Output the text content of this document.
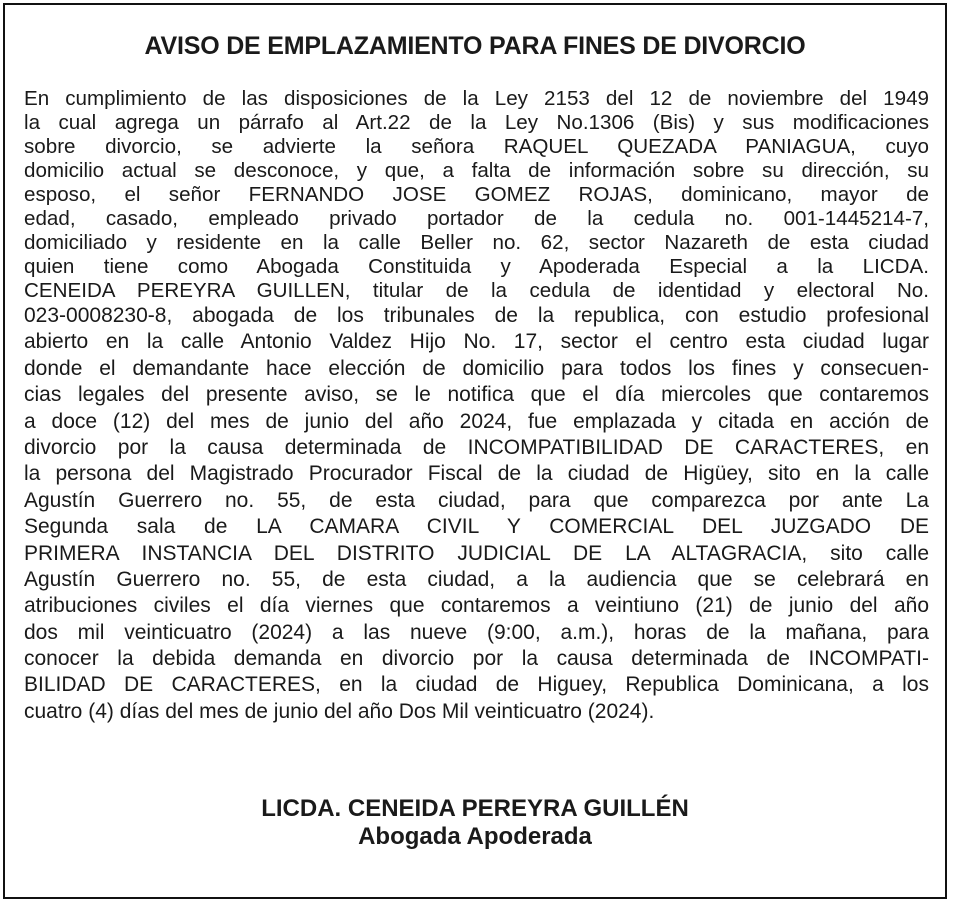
AVISO DE EMPLAZAMIENTO PARA FINES DE DIVORCIO
En cumplimiento de las disposiciones de la Ley 2153 del 12 de noviembre del 1949
la cual agrega un párrafo al Art.22 de la Ley No.1306 (Bis) y sus modificaciones
sobre divorcio, se advierte la señora RAQUEL QUEZADA PANIAGUA, cuyo
domicilio actual se desconoce, y que, a falta de información sobre su dirección, su
esposo, el señor FERNANDO JOSE GOMEZ ROJAS, dominicano, mayor de
edad, casado, empleado privado portador de la cedula no. 001-1445214-7,
domiciliado y residente en la calle Beller no. 62, sector Nazareth de esta ciudad
quien tiene como Abogada Constituida y Apoderada Especial a la LICDA.
CENEIDA PEREYRA GUILLEN, titular de la cedula de identidad y electoral No.
023-0008230-8, abogada de los tribunales de la republica, con estudio profesional
abierto en la calle Antonio Valdez Hijo No. 17, sector el centro esta ciudad lugar
donde el demandante hace elección de domicilio para todos los fines y consecuen-
cias legales del presente aviso, se le notifica que el día miercoles que contaremos
a doce (12) del mes de junio del año 2024, fue emplazada y citada en acción de
divorcio por la causa determinada de INCOMPATIBILIDAD DE CARACTERES, en
la persona del Magistrado Procurador Fiscal de la ciudad de Higüey, sito en la calle
Agustín Guerrero no. 55, de esta ciudad, para que comparezca por ante La
Segunda sala de LA CAMARA CIVIL Y COMERCIAL DEL JUZGADO DE
PRIMERA INSTANCIA DEL DISTRITO JUDICIAL DE LA ALTAGRACIA, sito calle
Agustín Guerrero no. 55, de esta ciudad, a la audiencia que se celebrará en
atribuciones civiles el día viernes que contaremos a veintiuno (21) de junio del año
dos mil veinticuatro (2024) a las nueve (9:00, a.m.), horas de la mañana, para
conocer la debida demanda en divorcio por la causa determinada de INCOMPATI-
BILIDAD DE CARACTERES, en la ciudad de Higuey, Republica Dominicana, a los
cuatro (4) días del mes de junio del año Dos Mil veinticuatro (2024).
LICDA. CENEIDA PEREYRA GUILLÉN
Abogada Apoderada
